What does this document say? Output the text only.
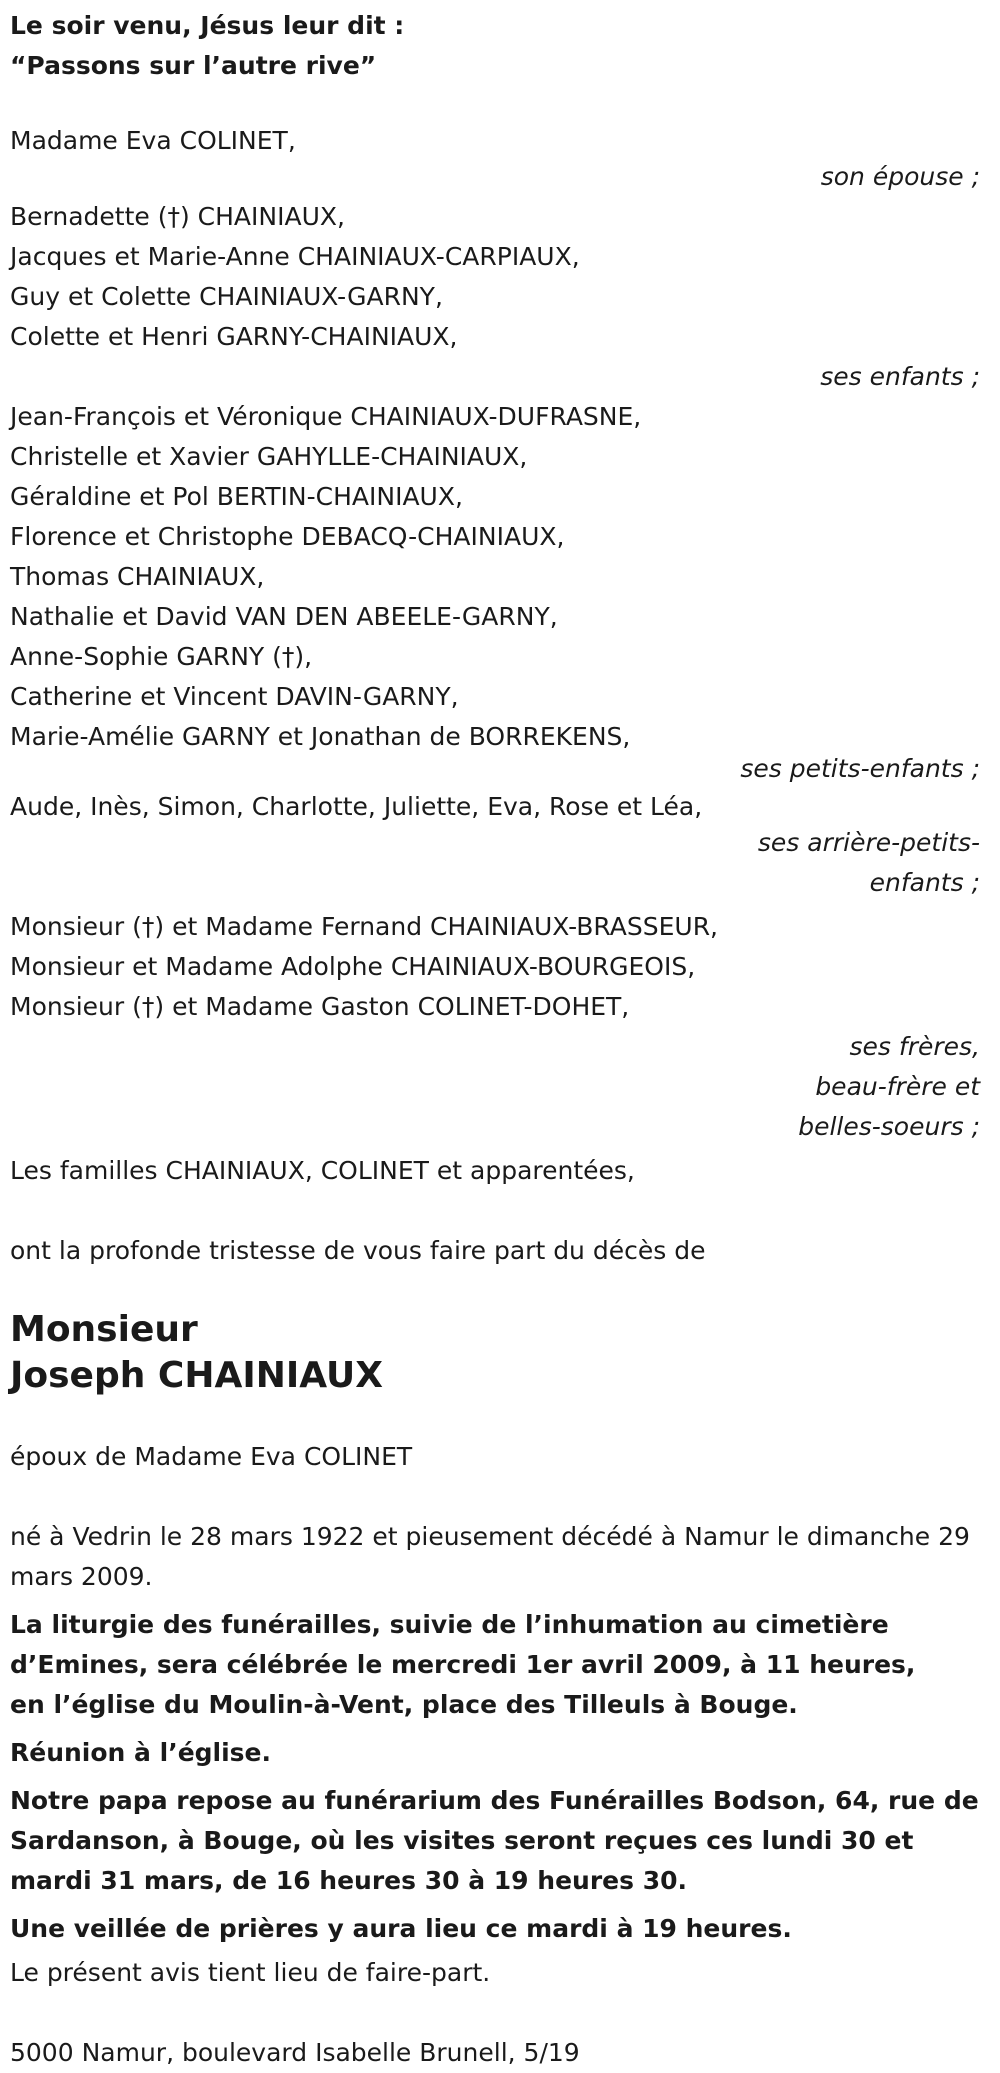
Le soir venu, Jésus leur dit :

“Passons sur l’autre rive”

Madame Eva COLINET,

son épouse ;

Bernadette (†) CHAINIAUX,

Jacques et Marie-Anne CHAINIAUX-CARPIAUX,

Guy et Colette CHAINIAUX-GARNY,

Colette et Henri GARNY-CHAINIAUX,

ses enfants ;

Jean-François et Véronique CHAINIAUX-DUFRASNE,

Christelle et Xavier GAHYLLE-CHAINIAUX,

Géraldine et Pol BERTIN-CHAINIAUX,

Florence et Christophe DEBACQ-CHAINIAUX,

Thomas CHAINIAUX,

Nathalie et David VAN DEN ABEELE-GARNY,

Anne-Sophie GARNY (†),

Catherine et Vincent DAVIN-GARNY,

Marie-Amélie GARNY et Jonathan de BORREKENS,

ses petits-enfants ;

Aude, Inès, Simon, Charlotte, Juliette, Eva, Rose et Léa,

ses arrière-petits-

enfants ;

Monsieur (†) et Madame Fernand CHAINIAUX-BRASSEUR,

Monsieur et Madame Adolphe CHAINIAUX-BOURGEOIS,

Monsieur (†) et Madame Gaston COLINET-DOHET,

ses frères,

beau-frère et

belles-soeurs ;

Les familles CHAINIAUX, COLINET et apparentées,

ont la profonde tristesse de vous faire part du décès de

Monsieur

Joseph CHAINIAUX

époux de Madame Eva COLINET

né à Vedrin le 28 mars 1922 et pieusement décédé à Namur le dimanche 29 mars 2009.

La liturgie des funérailles, suivie de l’inhumation au cimetière d’Emines, sera célébrée le mercredi 1er avril 2009, à 11 heures, en l’église du Moulin-à-Vent, place des Tilleuls à Bouge.

Réunion à l’église.

Notre papa repose au funérarium des Funérailles Bodson, 64, rue de Sardanson, à Bouge, où les visites seront reçues ces lundi 30 et mardi 31 mars, de 16 heures 30 à 19 heures 30.

Une veillée de prières y aura lieu ce mardi à 19 heures.

Le présent avis tient lieu de faire-part.

5000 Namur, boulevard Isabelle Brunell, 5/19
